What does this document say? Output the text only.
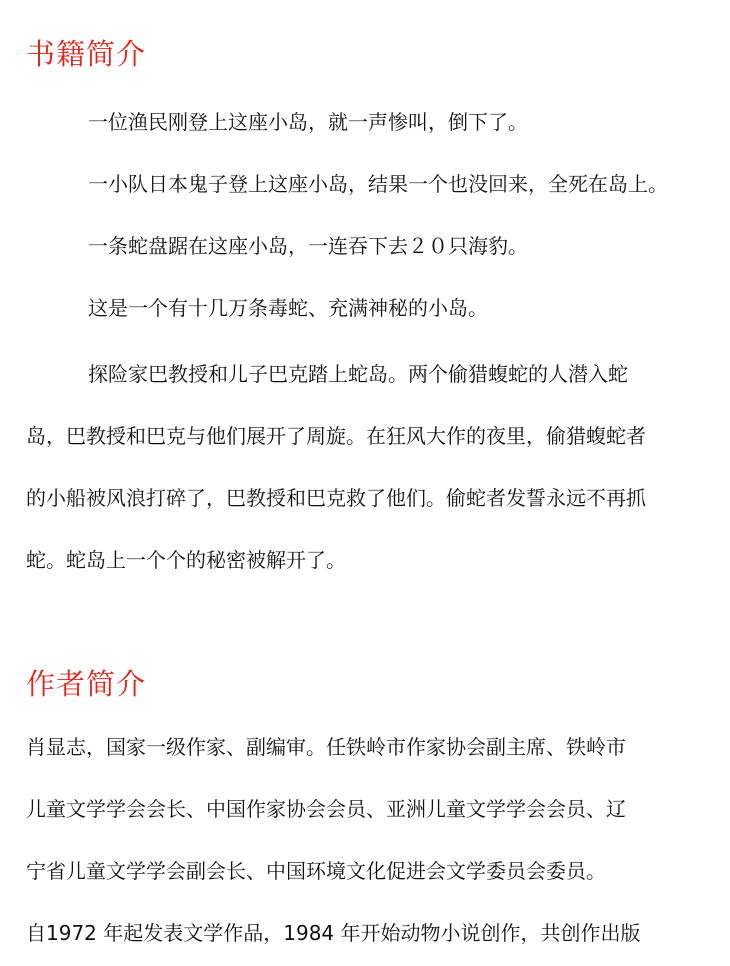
书籍简介

一位渔民刚登上这座小岛，就一声惨叫，倒下了。

一小队日本鬼子登上这座小岛，结果一个也没回来，全死在岛上。

一条蛇盘踞在这座小岛，一连吞下去２０只海豹。

这是一个有十几万条毒蛇、充满神秘的小岛。

探险家巴教授和儿子巴克踏上蛇岛。两个偷猎蝮蛇的人潜入蛇
岛，巴教授和巴克与他们展开了周旋。在狂风大作的夜里，偷猎蝮蛇者
的小船被风浪打碎了，巴教授和巴克救了他们。偷蛇者发誓永远不再抓
蛇。蛇岛上一个个的秘密被解开了。
作者简介
肖显志，国家一级作家、副编审。任铁岭市作家协会副主席、铁岭市
儿童文学学会会长、中国作家协会会员、亚洲儿童文学学会会员、辽
宁省儿童文学学会副会长、中国环境文化促进会文学委员会委员。
自1972 年起发表文学作品，1984 年开始动物小说创作，共创作出版
